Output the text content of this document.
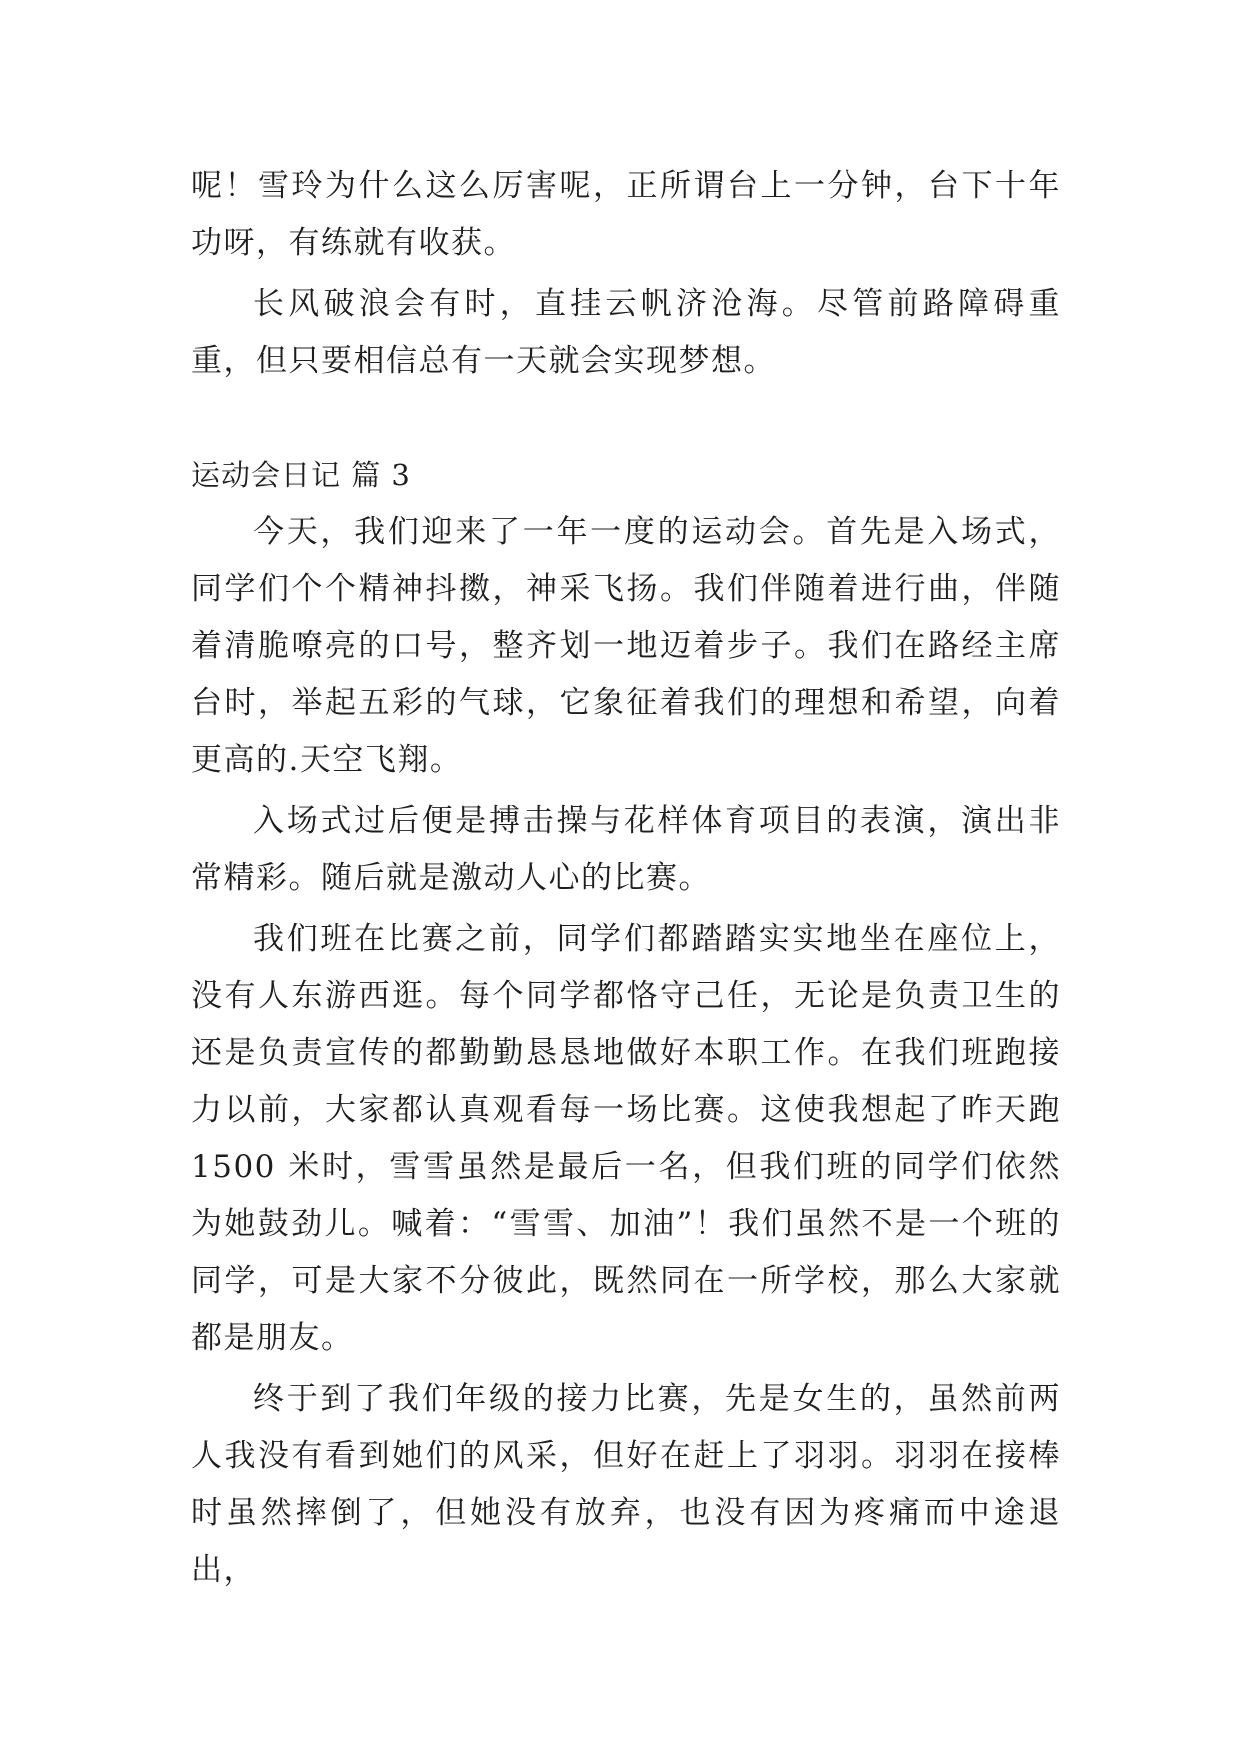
呢！雪玲为什么这么厉害呢，正所谓台上一分钟，台下十年功呀，有练就有收获。

长风破浪会有时，直挂云帆济沧海。尽管前路障碍重重，但只要相信总有一天就会实现梦想。

运动会日记 篇 3

今天，我们迎来了一年一度的运动会。首先是入场式，同学们个个精神抖擞，神采飞扬。我们伴随着进行曲，伴随着清脆嘹亮的口号，整齐划一地迈着步子。我们在路经主席台时，举起五彩的气球，它象征着我们的理想和希望，向着更高的.天空飞翔。

入场式过后便是搏击操与花样体育项目的表演，演出非常精彩。随后就是激动人心的比赛。

我们班在比赛之前，同学们都踏踏实实地坐在座位上，没有人东游西逛。每个同学都恪守己任，无论是负责卫生的还是负责宣传的都勤勤恳恳地做好本职工作。在我们班跑接力以前，大家都认真观看每一场比赛。这使我想起了昨天跑1500 米时，雪雪虽然是最后一名，但我们班的同学们依然为她鼓劲儿。喊着：“雪雪、加油”！我们虽然不是一个班的同学，可是大家不分彼此，既然同在一所学校，那么大家就都是朋友。

终于到了我们年级的接力比赛，先是女生的，虽然前两人我没有看到她们的风采，但好在赶上了羽羽。羽羽在接棒时虽然摔倒了，但她没有放弃，也没有因为疼痛而中途退出，
